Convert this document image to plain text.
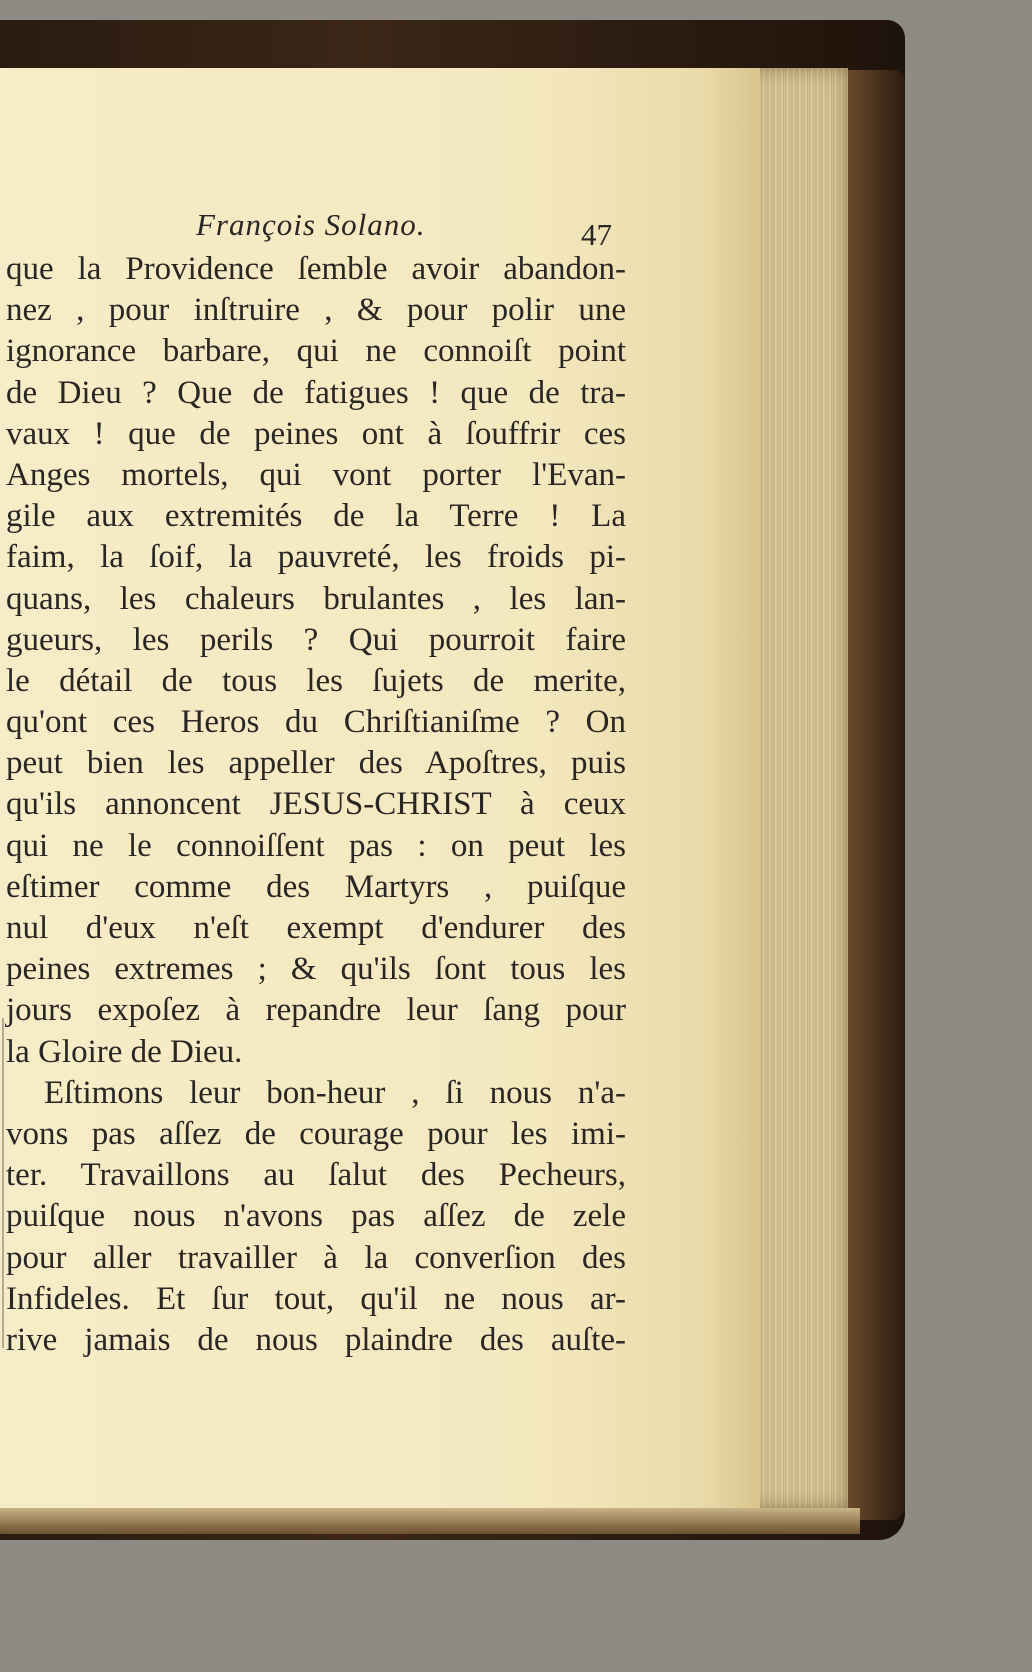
François Solano.	47
que la Providence ſemble avoir abandon-
nez , pour inſtruire , & pour polir une
ignorance barbare, qui ne connoiſt point
de Dieu ? Que de fatigues ! que de tra-
vaux ! que de peines ont à ſouffrir ces
Anges mortels, qui vont porter l'Evan-
gile aux extremités de la Terre ! La
faim, la ſoif, la pauvreté, les froids pi-
quans, les chaleurs brulantes , les lan-
gueurs, les perils ? Qui pourroit faire
le détail de tous les ſujets de merite,
qu'ont ces Heros du Chriſtianiſme ? On
peut bien les appeller des Apoſtres, puis
qu'ils annoncent JESUS-CHRIST à ceux
qui ne le connoiſſent pas : on peut les
eſtimer comme des Martyrs , puiſque
nul d'eux n'eſt exempt d'endurer des
peines extremes ; & qu'ils ſont tous les
jours expoſez à repandre leur ſang pour
la Gloire de Dieu.
Eſtimons leur bon-heur , ſi nous n'a-
vons pas aſſez de courage pour les imi-
ter. Travaillons au ſalut des Pecheurs,
puiſque nous n'avons pas aſſez de zele
pour aller travailler à la converſion des
Infideles. Et ſur tout, qu'il ne nous ar-
rive jamais de nous plaindre des auſte-
